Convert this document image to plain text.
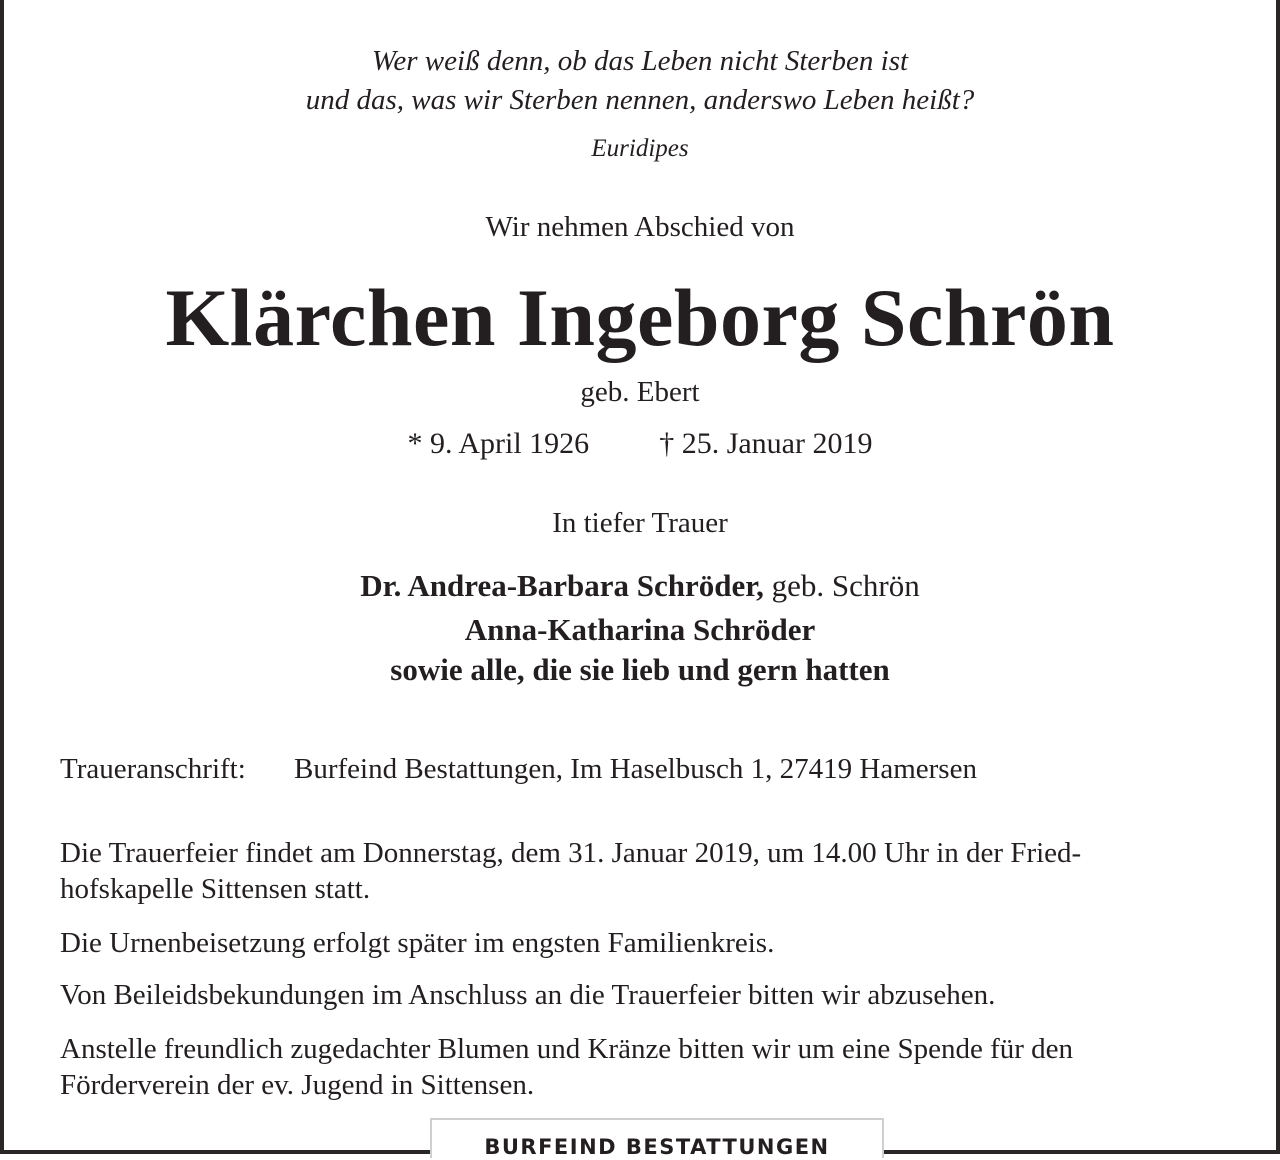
Wer weiß denn, ob das Leben nicht Sterben ist
und das, was wir Sterben nennen, anderswo Leben heißt?
Euridipes
Wir nehmen Abschied von
Klärchen Ingeborg Schrön
geb. Ebert
* 9. April 1926 † 25. Januar 2019
In tiefer Trauer
Dr. Andrea-Barbara Schröder, geb. Schrön
Anna-Katharina Schröder
sowie alle, die sie lieb und gern hatten
Traueranschrift: Burfeind Bestattungen, Im Haselbusch 1, 27419 Hamersen
Die Trauerfeier findet am Donnerstag, dem 31. Januar 2019, um 14.00 Uhr in der Fried-
hofskapelle Sittensen statt.
Die Urnenbeisetzung erfolgt später im engsten Familienkreis.
Von Beileidsbekundungen im Anschluss an die Trauerfeier bitten wir abzusehen.
Anstelle freundlich zugedachter Blumen und Kränze bitten wir um eine Spende für den
Förderverein der ev. Jugend in Sittensen.
BURFEIND BESTATTUNGEN
